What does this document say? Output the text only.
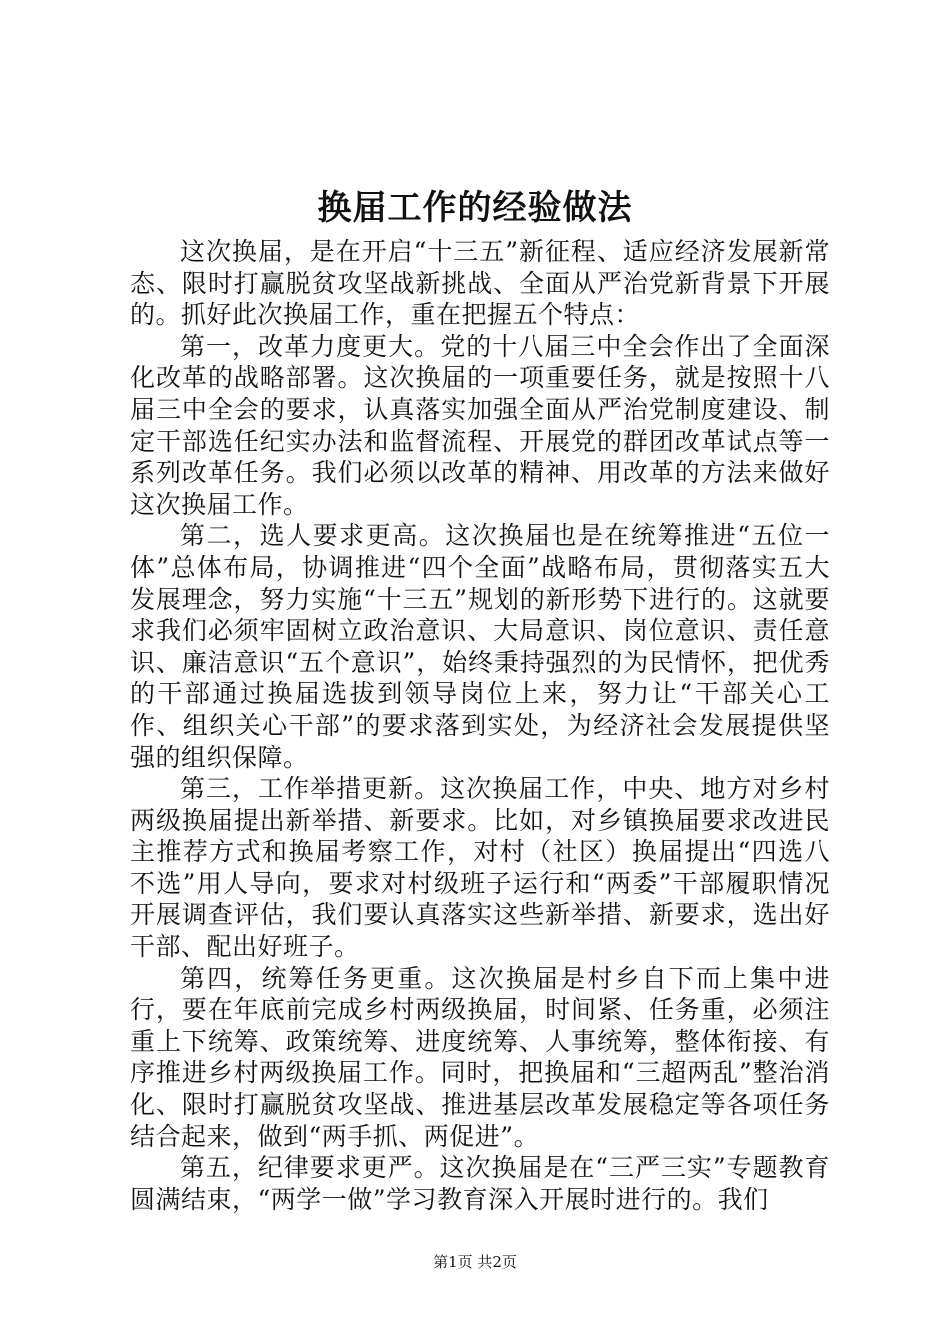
换届工作的经验做法

这次换届，是在开启“十三五”新征程、适应经济发展新常态、限时打赢脱贫攻坚战新挑战、全面从严治党新背景下开展的。抓好此次换届工作，重在把握五个特点：

第一，改革力度更大。党的十八届三中全会作出了全面深化改革的战略部署。这次换届的一项重要任务，就是按照十八届三中全会的要求，认真落实加强全面从严治党制度建设、制定干部选任纪实办法和监督流程、开展党的群团改革试点等一系列改革任务。我们必须以改革的精神、用改革的方法来做好这次换届工作。

第二，选人要求更高。这次换届也是在统筹推进“五位一体”总体布局，协调推进“四个全面”战略布局，贯彻落实五大发展理念，努力实施“十三五”规划的新形势下进行的。这就要求我们必须牢固树立政治意识、大局意识、岗位意识、责任意识、廉洁意识“五个意识”，始终秉持强烈的为民情怀，把优秀的干部通过换届选拔到领导岗位上来，努力让“干部关心工作、组织关心干部”的要求落到实处，为经济社会发展提供坚强的组织保障。

第三，工作举措更新。这次换届工作，中央、地方对乡村两级换届提出新举措、新要求。比如，对乡镇换届要求改进民主推荐方式和换届考察工作，对村（社区）换届提出“四选八不选”用人导向，要求对村级班子运行和“两委”干部履职情况开展调查评估，我们要认真落实这些新举措、新要求，选出好干部、配出好班子。

第四，统筹任务更重。这次换届是村乡自下而上集中进行，要在年底前完成乡村两级换届，时间紧、任务重，必须注重上下统筹、政策统筹、进度统筹、人事统筹，整体衔接、有序推进乡村两级换届工作。同时，把换届和“三超两乱”整治消化、限时打赢脱贫攻坚战、推进基层改革发展稳定等各项任务结合起来，做到“两手抓、两促进”。

第五，纪律要求更严。这次换届是在“三严三实”专题教育圆满结束，“两学一做”学习教育深入开展时进行的。我们

第1页 共2页
